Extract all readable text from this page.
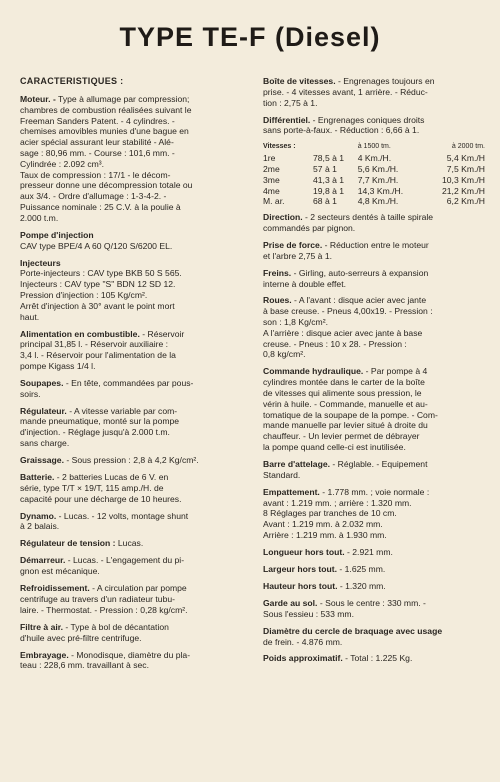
TYPE TE-F (Diesel)
CARACTERISTIQUES :
Moteur. - Type à allumage par compression;
chambres de combustion réalisées suivant le
Freeman Sanders Patent. - 4 cylindres. -
chemises amovibles munies d'une bague en
acier spécial assurant leur stabilité - Alé-
sage : 80,96 mm. - Course : 101,6 mm. -
Cylindrée : 2.092 cm³.
Taux de compression : 17/1 - le décom-
presseur donne une décompression totale ou
aux 3/4. - Ordre d'allumage : 1-3-4-2. -
Puissance nominale : 25 C.V. à la poulie à
2.000 t.m.
Pompe d'injection
CAV type BPE/4 A 60 Q/120 S/6200 EL.
Injecteurs
Porte-injecteurs : CAV type BKB 50 S 565.
Injecteurs : CAV type "S" BDN 12 SD 12.
Pression d'injection : 105 Kg/cm².
Arrêt d'injection à 30° avant le point mort
haut.
Alimentation en combustible. - Réservoir
principal 31,85 l. - Réservoir auxiliaire :
3,4 l. - Réservoir pour l'alimentation de la
pompe Kigass 1/4 l.
Soupapes. - En tête, commandées par pous-
soirs.
Régulateur. - A vitesse variable par com-
mande pneumatique, monté sur la pompe
d'injection. - Réglage jusqu'à 2.000 t.m.
sans charge.
Graissage. - Sous pression : 2,8 à 4,2 Kg/cm².
Batterie. - 2 batteries Lucas de 6 V. en
série, type T/T × 19/T, 115 amp./H. de
capacité pour une décharge de 10 heures.
Dynamo. - Lucas. - 12 volts, montage shunt
à 2 balais.
Régulateur de tension : Lucas.
Démarreur. - Lucas. - L'engagement du pi-
gnon est mécanique.
Refroidissement. - A circulation par pompe
centrifuge au travers d'un radiateur tubu-
laire. - Thermostat. - Pression : 0,28 kg/cm².
Filtre à air. - Type à bol de décantation
d'huile avec pré-filtre centrifuge.
Embrayage. - Monodisque, diamètre du pla-
teau : 228,6 mm. travaillant à sec.
Boîte de vitesses. - Engrenages toujours en
prise. - 4 vitesses avant, 1 arrière. - Réduc-
tion : 2,75 à 1.
Différentiel. - Engrenages coniques droits
sans porte-à-faux. - Réduction : 6,66 à 1.
Vitesses :		à 1500 tm.	à 2000 tm.
1re	78,5 à 1	4 Km./H.	5,4 Km./H
2me	57 à 1	5,6 Km./H.	7,5 Km./H
3me	41,3 à 1	7,7 Km./H.	10,3 Km./H
4me	19,8 à 1	14,3 Km./H.	21,2 Km./H
M. ar.	68 à 1	4,8 Km./H.	6,2 Km./H
Direction. - 2 secteurs dentés à taille spirale
commandés par pignon.
Prise de force. - Réduction entre le moteur
et l'arbre 2,75 à 1.
Freins. - Girling, auto-serreurs à expansion
interne à double effet.
Roues. - A l'avant : disque acier avec jante
à base creuse. - Pneus 4,00x19. - Pression :
son : 1,8 Kg/cm².
A l'arrière : disque acier avec jante à base
creuse. - Pneus : 10 x 28. - Pression :
0,8 kg/cm².
Commande hydraulique. - Par pompe à 4
cylindres montée dans le carter de la boîte
de vitesses qui alimente sous pression, le
vérin à huile. - Commande, manuelle et au-
tomatique de la soupape de la pompe. - Com-
mande manuelle par levier situé à droite du
chauffeur. - Un levier permet de débrayer
la pompe quand celle-ci est inutilisée.
Barre d'attelage. - Réglable. - Equipement
Standard.
Empattement. - 1.778 mm. ; voie normale :
avant : 1.219 mm. ; arrière : 1.320 mm.
8 Réglages par tranches de 10 cm.
Avant : 1.219 mm. à 2.032 mm.
Arrière : 1.219 mm. à 1.930 mm.
Longueur hors tout. - 2.921 mm.
Largeur hors tout. - 1.625 mm.
Hauteur hors tout. - 1.320 mm.
Garde au sol. - Sous le centre : 330 mm. -
Sous l'essieu : 533 mm.
Diamètre du cercle de braquage avec usage
de frein. - 4.876 mm.
Poids approximatif. - Total : 1.225 Kg.
